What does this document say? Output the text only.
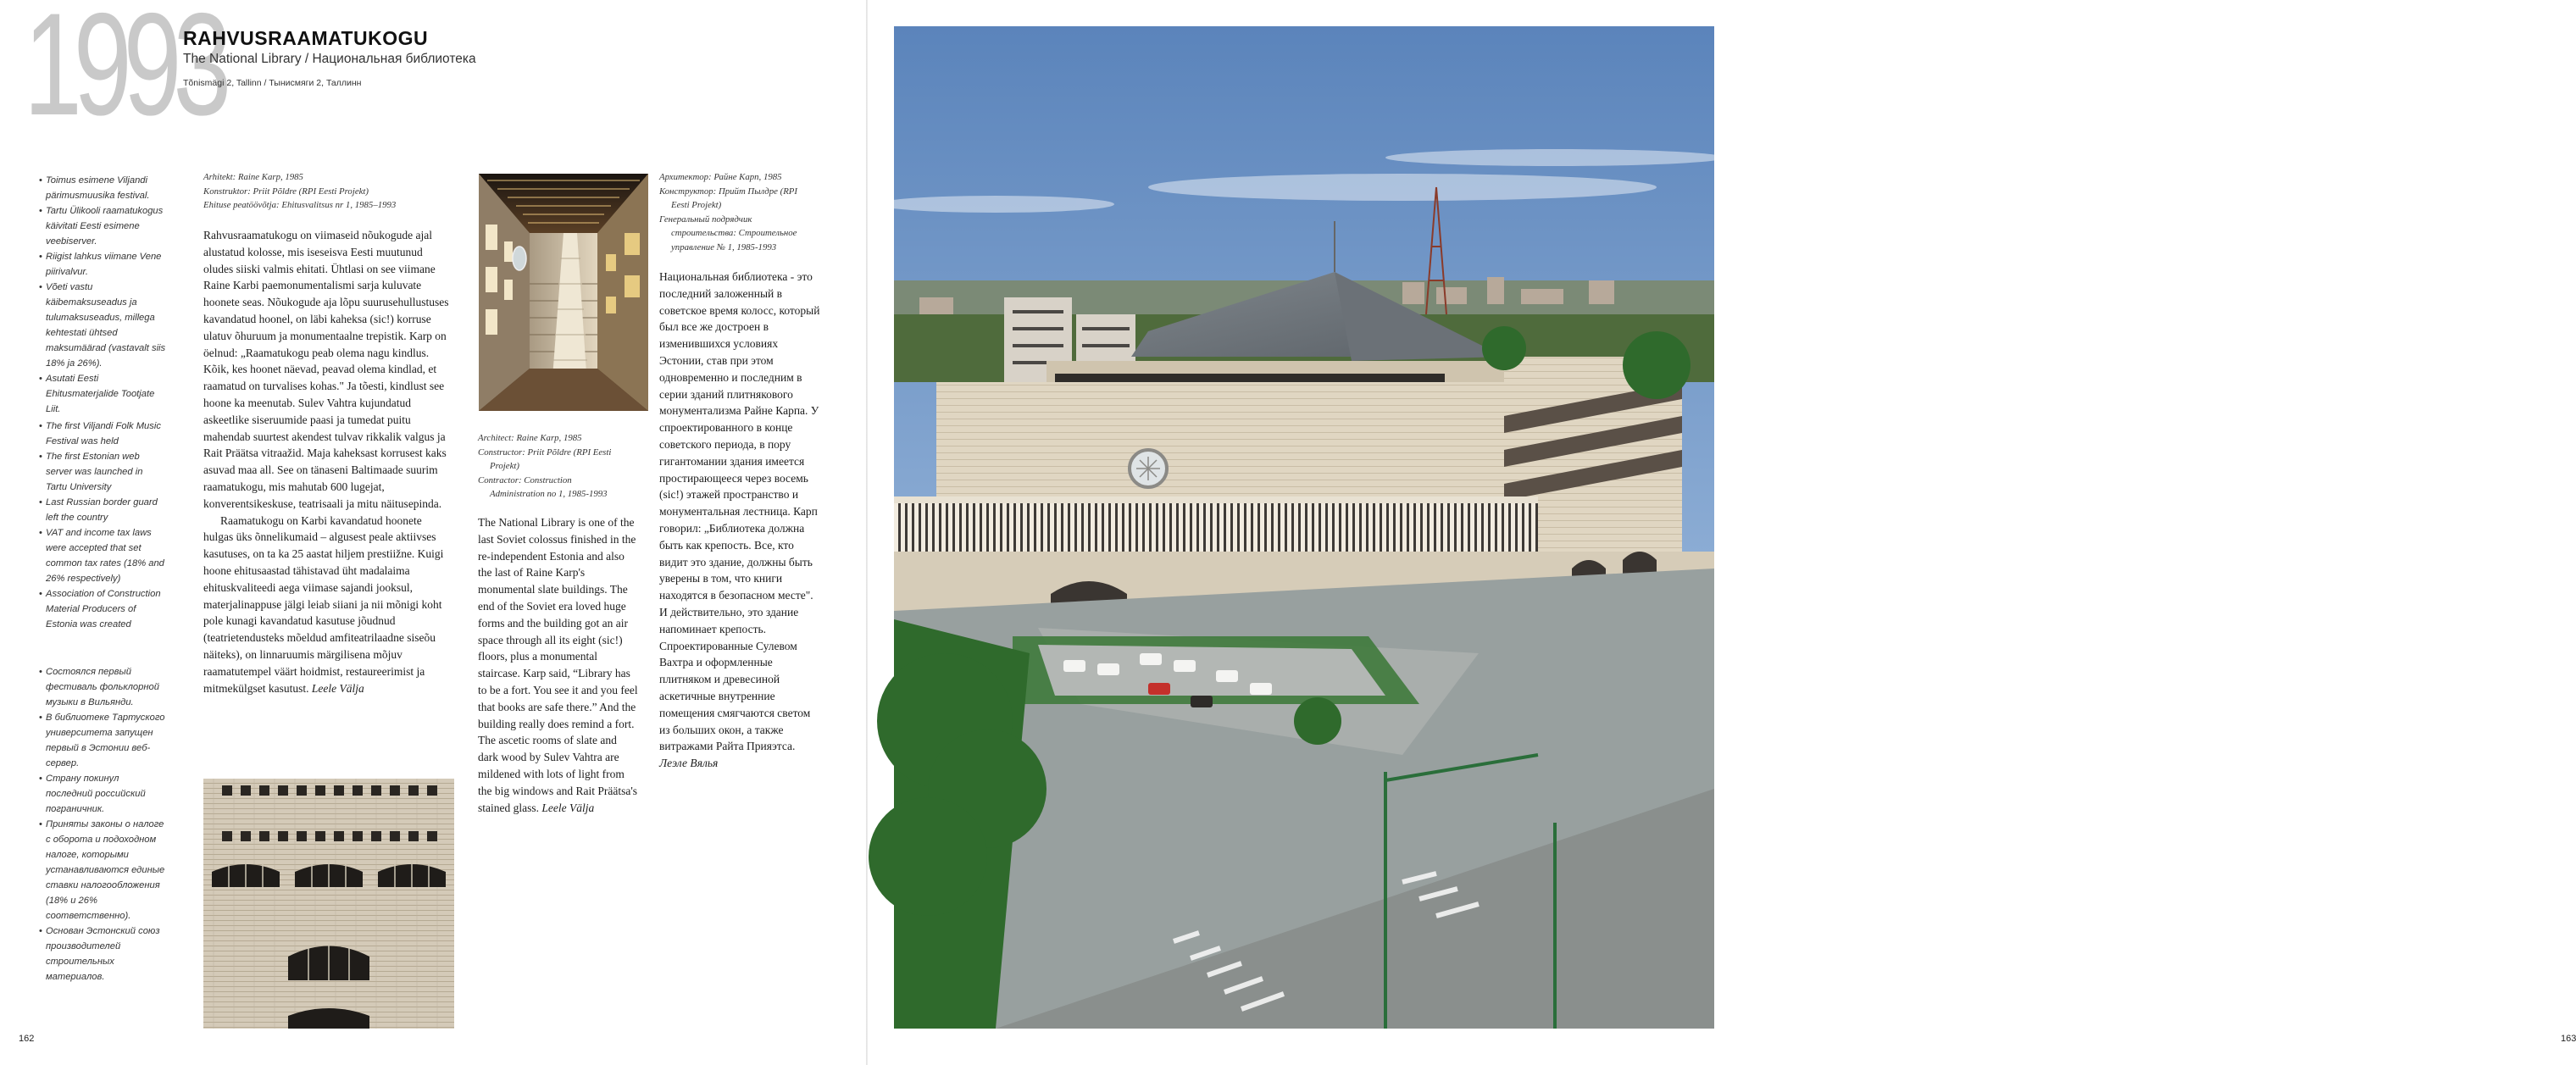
1993
RAHVUSRAAMATUKOGU
The National Library / Национальная библиотека
Tõnismägi 2, Tallinn / Тынисмяги 2, Таллинн
• Toimus esimene Viljandi pärimusmuusika festival.
• Tartu Ülikooli raamatukogus käivitati Eesti esimene veebiserver.
• Riigist lahkus viimane Vene piirivalvur.
• Võeti vastu käibemaksuseadus ja tulumaksuseadus, millega kehtestati ühtsed maksumäärad (vastavalt siis 18% ja 26%).
• Asutati Eesti Ehitusmaterjalide Tootjate Liit.
• The first Viljandi Folk Music Festival was held
• The first Estonian web server was launched in Tartu University
• Last Russian border guard left the country
• VAT and income tax laws were accepted that set common tax rates (18% and 26% respectively)
• Association of Construction Material Producers of Estonia was created
• Состоялся первый фестиваль фольклорной музыки в Вильянди.
• В библиотеке Тартуского университета запущен первый в Эстонии веб-сервер.
• Страну покинул последний российский пограничник.
• Приняты законы о налоге с оборота и подоходном налоге, которыми устанавливаются единые ставки налогообложения (18% и 26% соответственно).
• Основан Эстонский союз производителей строительных материалов.
Arhitekt: Raine Karp, 1985
Konstruktor: Priit Põldre (RPI Eesti Projekt)
Ehituse peatöövõtja: Ehitusvalitsus nr 1, 1985–1993

Rahvusraamatukogu on viimaseid nõukogude ajal alustatud kolosse, mis iseseisva Eesti muutunud oludes siiski valmis ehitati. Ühtlasi on see viimane Raine Karbi paemonumentalismi sarja kuluvate hoonete seas. Nõukogude aja lõpu suurusehullustuses kavandatud hoonel, on läbi kaheksa (sic!) korruse ulatuv õhuruum ja monumentaalne trepistik. Karp on öelnud: „Raamatukogu peab olema nagu kindlus. Kõik, kes hoonet näevad, peavad olema kindlad, et raamatud on turvalises kohas." Ja tõesti, kindlust see hoone ka meenutab. Sulev Vahtra kujundatud askeetlike siseruumide paasi ja tumedat puitu mahendab suurtest akendest tulvav rikkalik valgus ja Rait Präätsa vitraažid. Maja kaheksast korrusest kaks asuvad maa all. See on tänaseni Baltimaade suurim raamatukogu, mis mahutab 600 lugejat, konverentsikeskuse, teatrisaali ja mitu näitusepinda.

Raamatukogu on Karbi kavandatud hoonete hulgas üks õnnelikumaid – algusest peale aktiivses kasutuses, on ta ka 25 aastat hiljem prestiižne. Kuigi hoone ehitusaastad tähistavad üht madalaima ehituskvaliteedi aega viimase sajandi jooksul, materjalinappuse jälgi leiab siiani ja nii mõnigi koht pole kunagi kavandatud kasutuse jõudnud (teatrietendusteks mõeldud amfiteatrilaadne siseõu näiteks), on linnaruumis märgilisena mõjuv raamatutempel väärt hoidmist, restaureerimist ja mitmekülgset kasutust. Leele Välja

Architect: Raine Karp, 1985
Constructor: Priit Põldre (RPI Eesti
Projekt)
Contractor: Construction
Administration no 1, 1985-1993

The National Library is one of the last Soviet colossus finished in the re-independent Estonia and also the last of Raine Karp's monumental slate buildings. The end of the Soviet era loved huge forms and the building got an air space through all its eight (sic!) floors, plus a monumental staircase. Karp said, “Library has to be a fort. You see it and you feel that books are safe there.” And the building really does remind a fort. The ascetic rooms of slate and dark wood by Sulev Vahtra are mildened with lots of light from the big windows and Rait Präätsa's stained glass. Leele Välja

Архитектор: Райне Карп, 1985
Конструктор: Прийт Пылдре (RPI
Eesti Projekt)
Генеральный подрядчик
строительства: Строительное
управление № 1, 1985-1993

Национальная библиотека - это последний заложенный в советское время колосс, который был все же достроен в изменившихся условиях Эстонии, став при этом одновременно и последним в серии зданий плитнякового монументализма Райне Карпа. У спроектированного в конце советского периода, в пору гигантомании здания имеется простирающееся через восемь (sic!) этажей пространство и монументальная лестница. Карп говорил: „Библиотека должна быть как крепость. Все, кто видит это здание, должны быть уверены в том, что книги находятся в безопасном месте". И действительно, это здание напоминает крепость. Спроектированные Сулевом Вахтра и оформленные плитняком и древесиной аскетичные внутренние помещения смягчаются светом из больших окон, а также витражами Райта Прияэтса. Леэле Вялья

162	163
